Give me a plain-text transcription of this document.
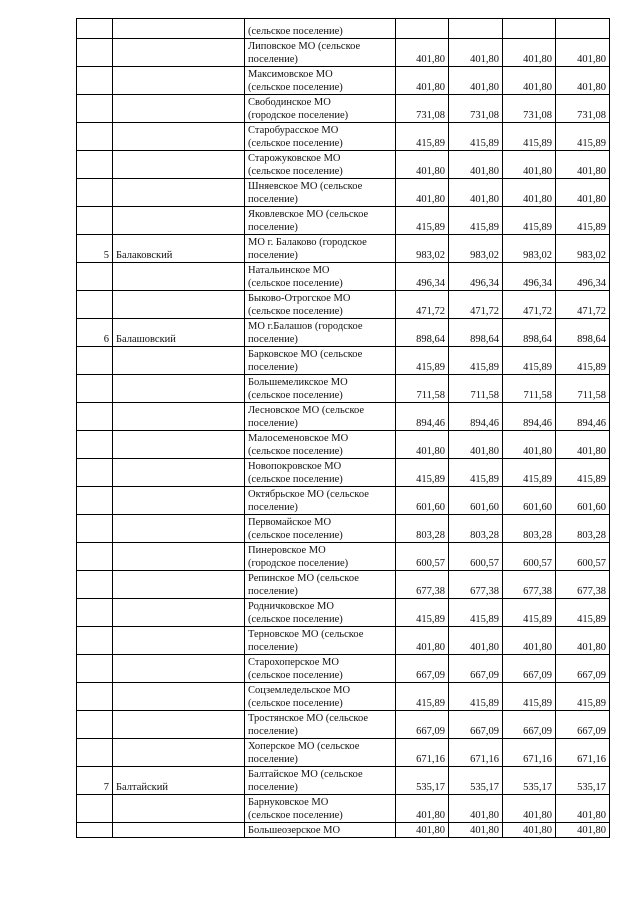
		(сельское поселение)				

		Липовское МО (сельское
поселение)	401,80	401,80	401,80	401,80

		Максимовское МО
(сельское поселение)	401,80	401,80	401,80	401,80

		Свободинское МО
(городское поселение)	731,08	731,08	731,08	731,08

		Старобурасское МО
(сельское поселение)	415,89	415,89	415,89	415,89

		Старожуковское МО
(сельское поселение)	401,80	401,80	401,80	401,80

		Шняевское МО (сельское
поселение)	401,80	401,80	401,80	401,80

		Яковлевское МО (сельское
поселение)	415,89	415,89	415,89	415,89
5	Балаковский	МО г. Балаково (городское
поселение)	983,02	983,02	983,02	983,02

		Натальинское МО
(сельское поселение)	496,34	496,34	496,34	496,34

		Быково-Отрогское МО
(сельское поселение)	471,72	471,72	471,72	471,72
6	Балашовский	МО г.Балашов (городское
поселение)	898,64	898,64	898,64	898,64

		Барковское МО (сельское
поселение)	415,89	415,89	415,89	415,89

		Большемеликское МО
(сельское поселение)	711,58	711,58	711,58	711,58

		Лесновское МО (сельское
поселение)	894,46	894,46	894,46	894,46

		Малосеменовское МО
(сельское поселение)	401,80	401,80	401,80	401,80

		Новопокровское МО
(сельское поселение)	415,89	415,89	415,89	415,89

		Октябрьское МО (сельское
поселение)	601,60	601,60	601,60	601,60

		Первомайское МО
(сельское поселение)	803,28	803,28	803,28	803,28

		Пинеровское МО
(городское поселение)	600,57	600,57	600,57	600,57

		Репинское МО (сельское
поселение)	677,38	677,38	677,38	677,38

		Родничковское МО
(сельское поселение)	415,89	415,89	415,89	415,89

		Терновское МО (сельское
поселение)	401,80	401,80	401,80	401,80

		Старохоперское МО
(сельское поселение)	667,09	667,09	667,09	667,09

		Соцземледельское МО
(сельское поселение)	415,89	415,89	415,89	415,89

		Тростянское МО (сельское
поселение)	667,09	667,09	667,09	667,09

		Хоперское МО (сельское
поселение)	671,16	671,16	671,16	671,16
7	Балтайский	Балтайское МО (сельское
поселение)	535,17	535,17	535,17	535,17

		Барнуковское МО
(сельское поселение)	401,80	401,80	401,80	401,80

		Большеозерское МО	401,80	401,80	401,80	401,80
